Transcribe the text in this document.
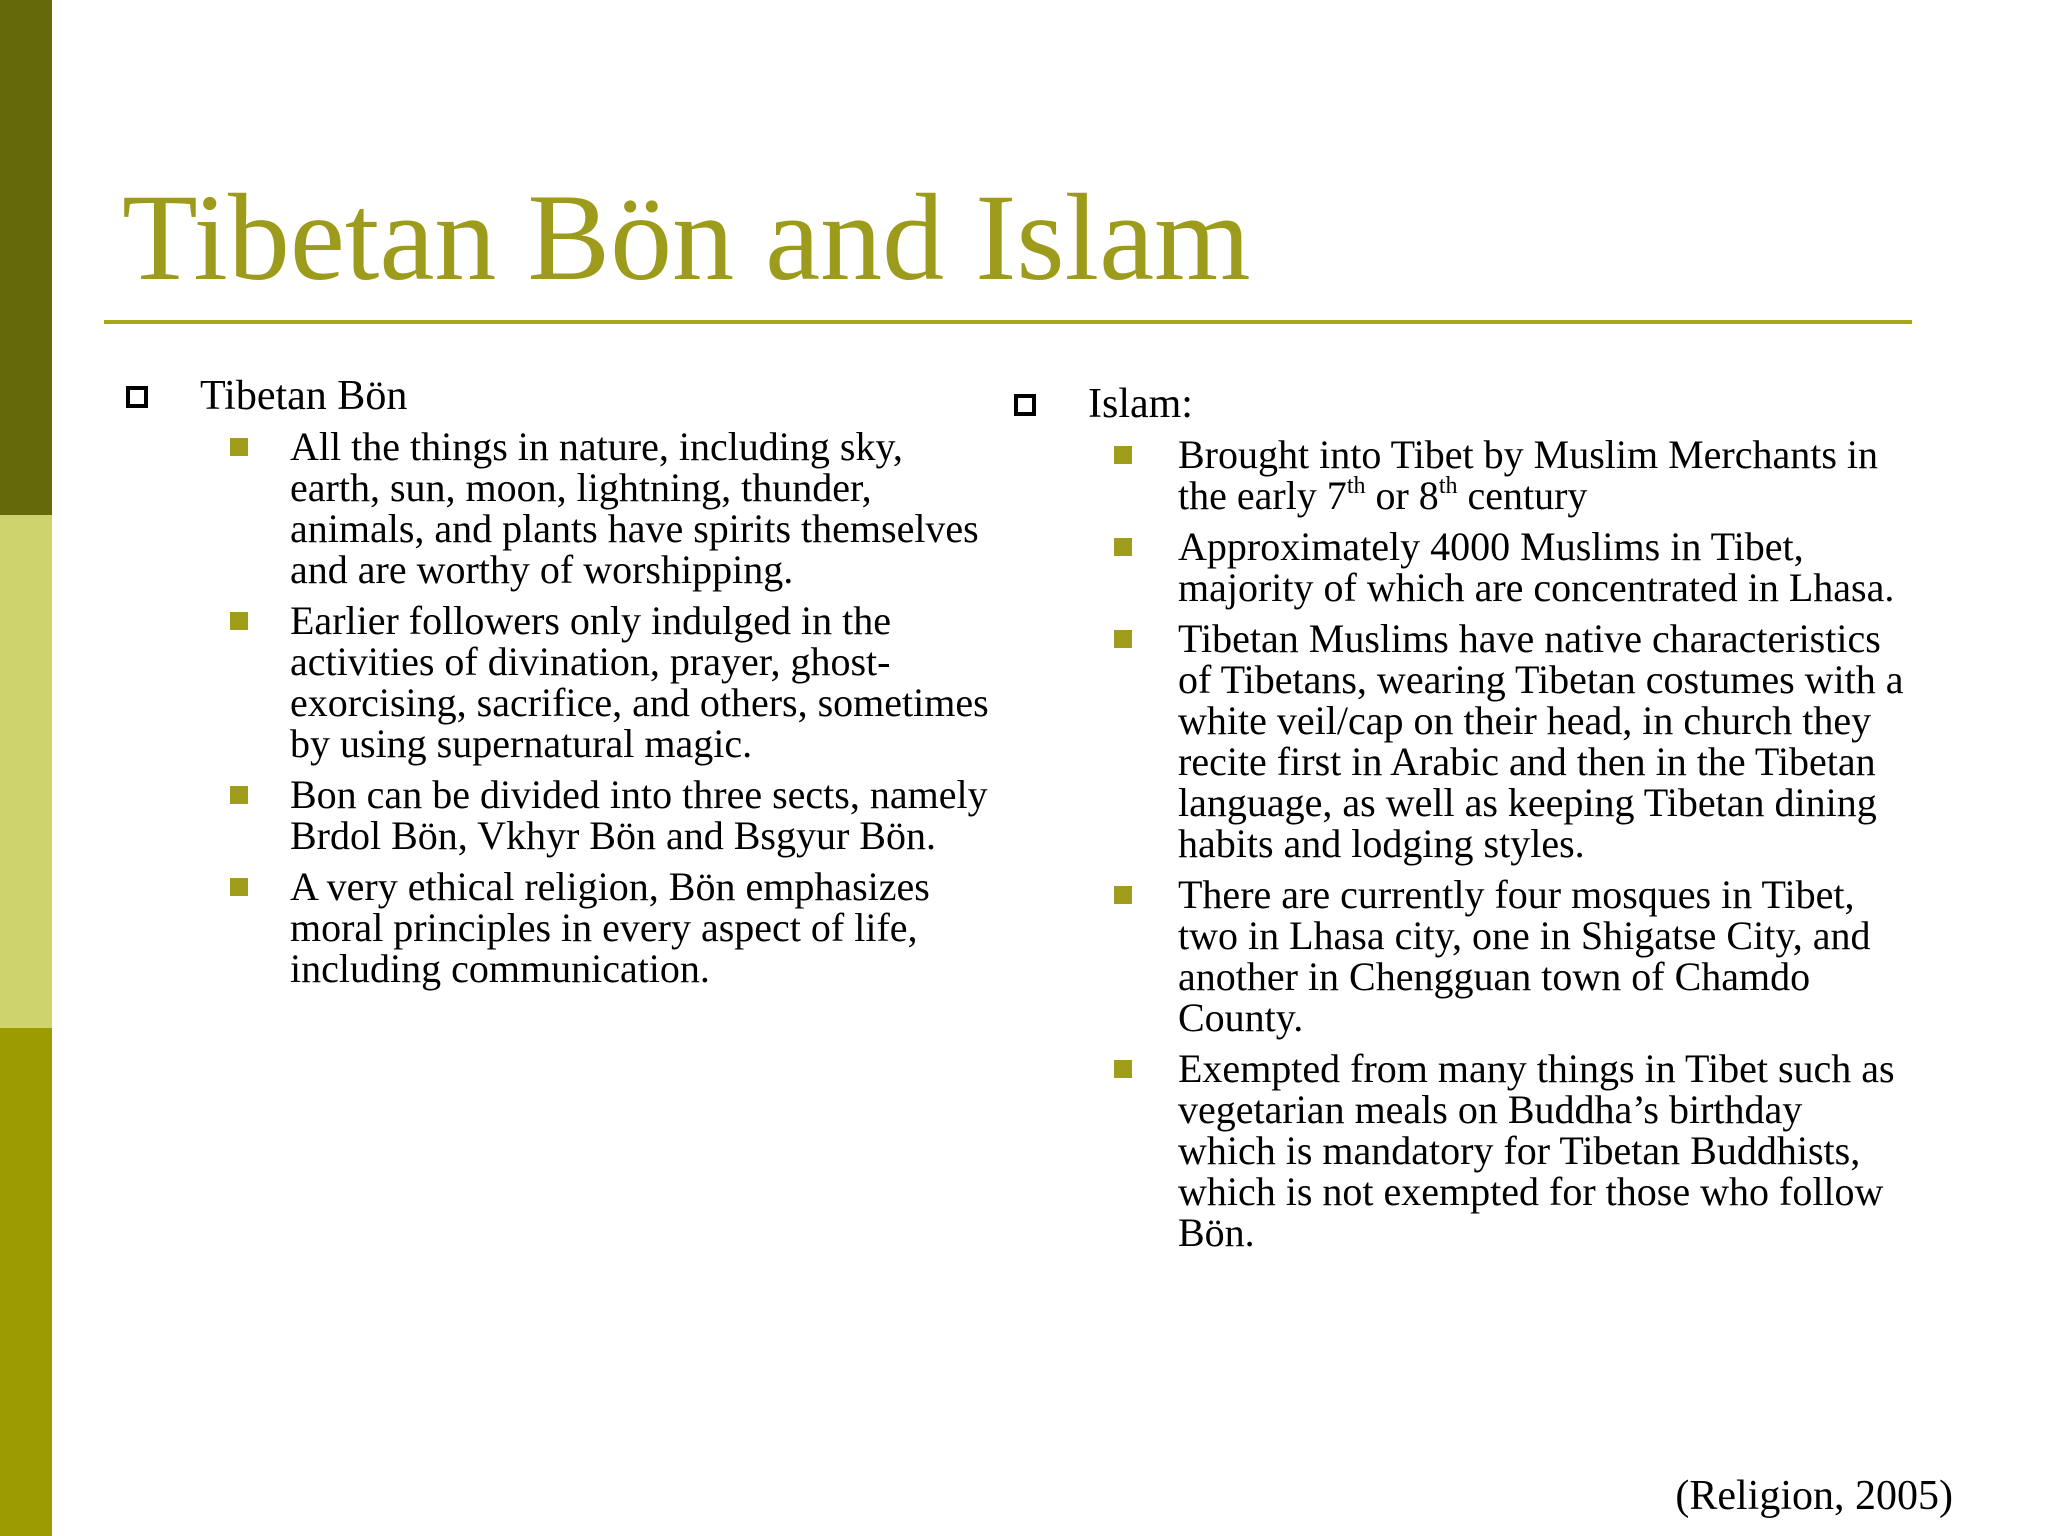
Tibetan Bön and Islam
Tibetan Bön
All the things in nature, including sky, earth, sun, moon, lightning, thunder, animals, and plants have spirits themselves and are worthy of worshipping.
Earlier followers only indulged in the activities of divination, prayer, ghost-exorcising, sacrifice, and others, sometimes by using supernatural magic.
Bon can be divided into three sects, namely Brdol Bön, Vkhyr Bön and Bsgyur Bön.
A very ethical religion, Bön emphasizes moral principles in every aspect of life, including communication.
Islam:
Brought into Tibet by Muslim Merchants in the early 7th or 8th century
Approximately 4000 Muslims in Tibet, majority of which are concentrated in Lhasa.
Tibetan Muslims have native characteristics of Tibetans, wearing Tibetan costumes with a white veil/cap on their head, in church they recite first in Arabic and then in the Tibetan language, as well as keeping Tibetan dining habits and lodging styles.
There are currently four mosques in Tibet, two in Lhasa city, one in Shigatse City, and another in Chengguan town of Chamdo County.
Exempted from many things in Tibet such as vegetarian meals on Buddha’s birthday which is mandatory for Tibetan Buddhists, which is not exempted for those who follow Bön.
(Religion, 2005)
